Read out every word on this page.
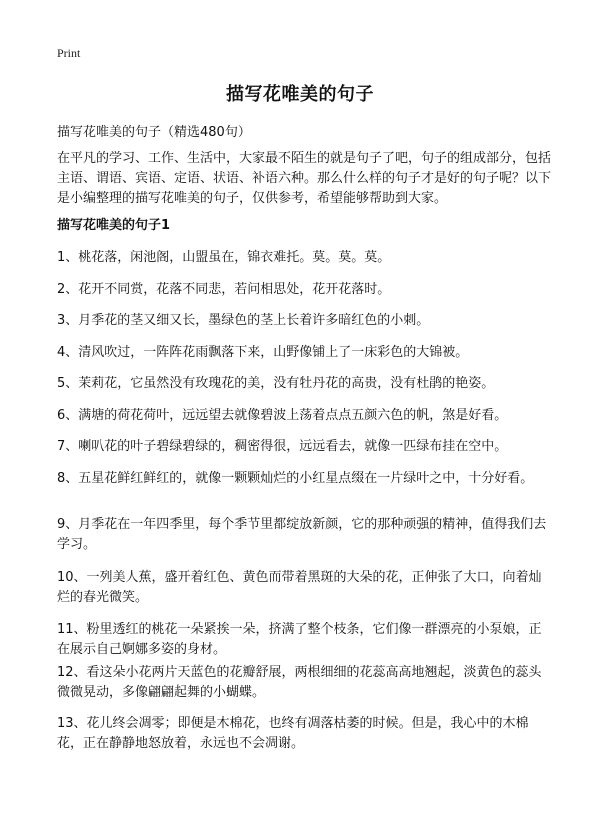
Print
描写花唯美的句子
描写花唯美的句子（精选480句）
在平凡的学习、工作、生活中，大家最不陌生的就是句子了吧，句子的组成部分，包括主语、谓语、宾语、定语、状语、补语六种。那么什么样的句子才是好的句子呢？以下是小编整理的描写花唯美的句子，仅供参考，希望能够帮助到大家。
描写花唯美的句子1
1、桃花落，闲池阁，山盟虽在，锦衣难托。莫。莫。莫。
2、花开不同赏，花落不同悲，若问相思处，花开花落时。
3、月季花的茎又细又长，墨绿色的茎上长着许多暗红色的小刺。
4、清风吹过，一阵阵花雨飘落下来，山野像铺上了一床彩色的大锦被。
5、茉莉花，它虽然没有玫瑰花的美，没有牡丹花的高贵，没有杜鹃的艳姿。
6、满塘的荷花荷叶，远远望去就像碧波上荡着点点五颜六色的帆，煞是好看。
7、喇叭花的叶子碧绿碧绿的，稠密得很，远远看去，就像一匹绿布挂在空中。
8、五星花鲜红鲜红的，就像一颗颗灿烂的小红星点缀在一片绿叶之中，十分好看。
9、月季花在一年四季里，每个季节里都绽放新颜，它的那种顽强的精神，值得我们去学习。
10、一列美人蕉，盛开着红色、黄色而带着黑斑的大朵的花，正伸张了大口，向着灿烂的春光微笑。
11、粉里透红的桃花一朵紧挨一朵，挤满了整个枝条，它们像一群漂亮的小泵娘，正在展示自己婀娜多姿的身材。
12、看这朵小花两片天蓝色的花瓣舒展，两根细细的花蕊高高地翘起，淡黄色的蕊头微微晃动，多像翩翩起舞的小蝴蝶。
13、花儿终会凋零；即便是木棉花，也终有凋落枯萎的时候。但是，我心中的木棉花，正在静静地怒放着，永远也不会凋谢。
